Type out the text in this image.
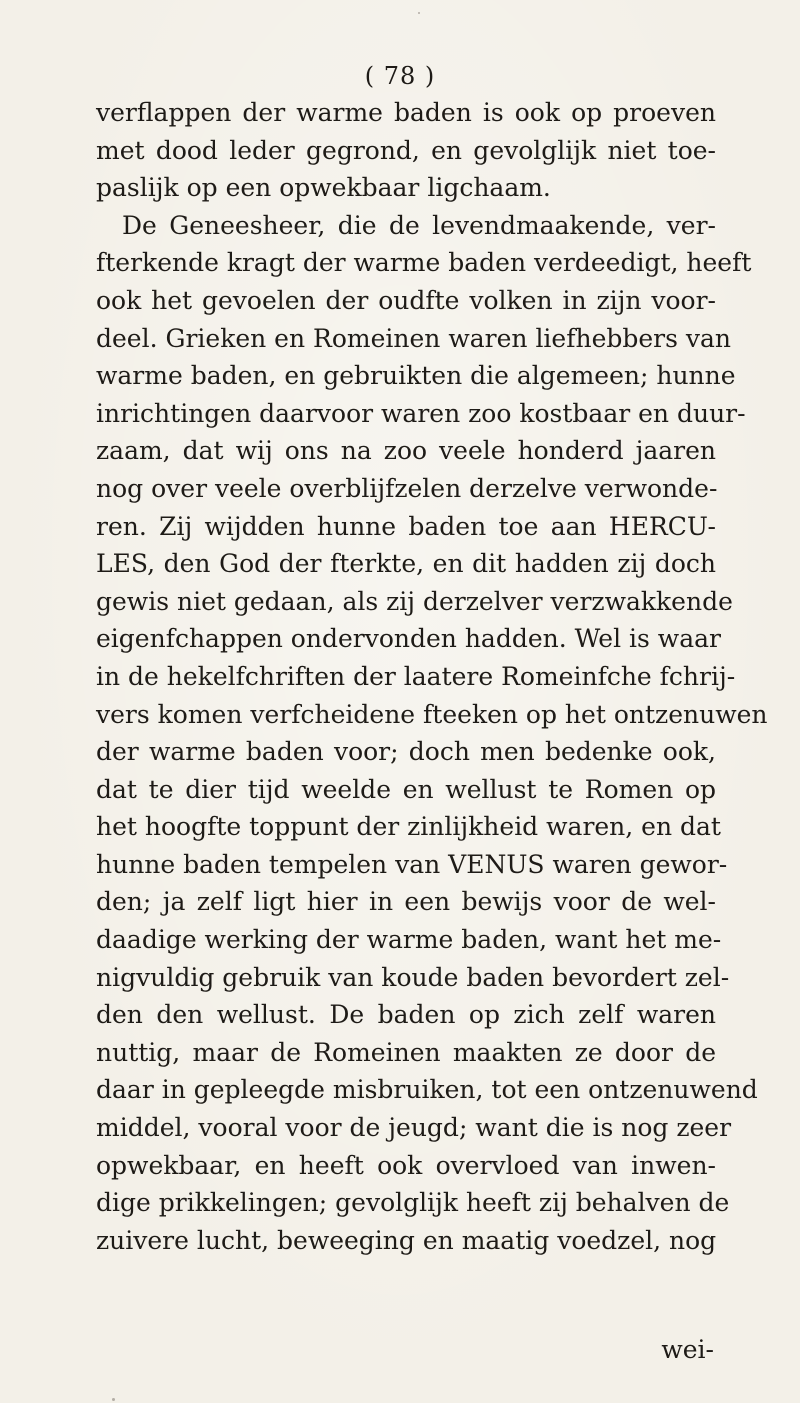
( 78 )
verflappen der warme baden is ook op proeven
met dood leder gegrond, en gevolglijk niet toe-
paslijk op een opwekbaar ligchaam.
De Geneesheer, die de levendmaakende, ver-
fterkende kragt der warme baden verdeedigt, heeft
ook het gevoelen der oudfte volken in zijn voor-
deel. Grieken en Romeinen waren liefhebbers van
warme baden, en gebruikten die algemeen; hunne
inrichtingen daarvoor waren zoo kostbaar en duur-
zaam, dat wij ons na zoo veele honderd jaaren
nog over veele overblijfzelen derzelve verwonde-
ren. Zij wijdden hunne baden toe aan HERCU-
LES, den God der fterkte, en dit hadden zij doch
gewis niet gedaan, als zij derzelver verzwakkende
eigenfchappen ondervonden hadden. Wel is waar
in de hekelfchriften der laatere Romeinfche fchrij-
vers komen verfcheidene fteeken op het ontzenuwen
der warme baden voor; doch men bedenke ook,
dat te dier tijd weelde en wellust te Romen op
het hoogfte toppunt der zinlijkheid waren, en dat
hunne baden tempelen van VENUS waren gewor-
den; ja zelf ligt hier in een bewijs voor de wel-
daadige werking der warme baden, want het me-
nigvuldig gebruik van koude baden bevordert zel-
den den wellust. De baden op zich zelf waren
nuttig, maar de Romeinen maakten ze door de
daar in gepleegde misbruiken, tot een ontzenuwend
middel, vooral voor de jeugd; want die is nog zeer
opwekbaar, en heeft ook overvloed van inwen-
dige prikkelingen; gevolglijk heeft zij behalven de
zuivere lucht, beweeging en maatig voedzel, nog
wei-
